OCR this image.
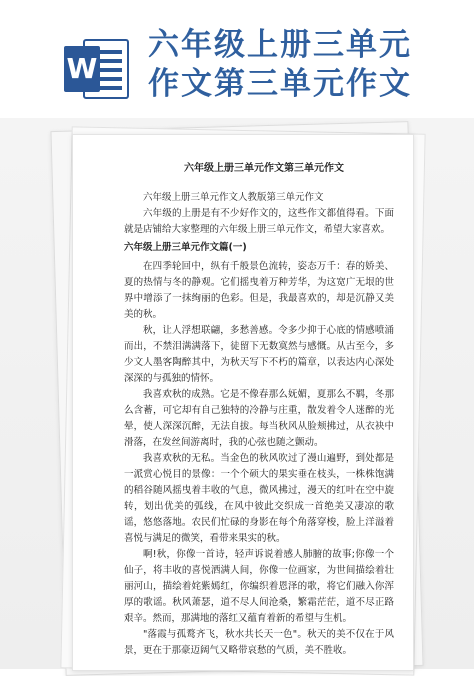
W
六年级上册三单元
作文第三单元作文
六年级上册三单元作文第三单元作文

六年级上册三单元作文人教版第三单元作文

六年级的上册是有不少好作文的，这些作文都值得看。下面就是店铺给大家整理的六年级上册三单元作文，希望大家喜欢。

六年级上册三单元作文篇(一)

在四季轮回中，纵有千般景色流转，姿态万千：春的娇美、夏的热情与冬的静观。它们摇曳着万种芳华，为这宽广无垠的世界中增添了一抹绚丽的色彩。但是，我最喜欢的，却是沉静又美美的秋。

秋，让人浮想联翩，多愁善感。令多少抑于心底的情感喷涌而出，不禁泪满满落下，徒留下无数寞然与感慨。从古至今，多少文人墨客陶醉其中，为秋天写下不朽的篇章，以表达内心深处深深的与孤独的情怀。

我喜欢秋的成熟。它是不像春那么妩媚，夏那么不羁，冬那么含蓄，可它却有自己独特的冷静与庄重，散发着令人迷醉的光晕，使人深深沉醉，无法自拔。每当秋风从脸颊拂过，从衣袂中滑落，在发丝间游离时，我的心弦也随之颤动。

我喜欢秋的无私。当金色的秋风吹过了漫山遍野，到处都是一派赏心悦目的景像：一个个硕大的果实垂在枝头，一株株饱满的稻谷随风摇曳着丰收的气息，微风拂过，漫天的红叶在空中旋转，划出优美的弧线，在风中彼此交织成一首绝美又凄凉的歌谣，悠悠落地。农民们忙碌的身影在每个角落穿梭，脸上洋溢着喜悦与满足的微笑，看带来果实的秋。

啊!秋，你像一首诗，轻声诉说着感人肺腑的故事;你像一个仙子，将丰收的喜悦洒满人间，你像一位画家，为世间描绘着壮丽河山，描绘着姹紫嫣红，你编织着恩泽的歌，将它们融入你浑厚的歌谣。秋风萧瑟，道不尽人间沧桑，繁霜茫茫，道不尽正路艰辛。然而，那满地的落红又蕴育着新的希望与生机。

"落霞与孤鹜齐飞，秋水共长天一色"。秋天的美不仅在于风景，更在于那豪迈阔气又略带哀愁的气质，美不胜收。
